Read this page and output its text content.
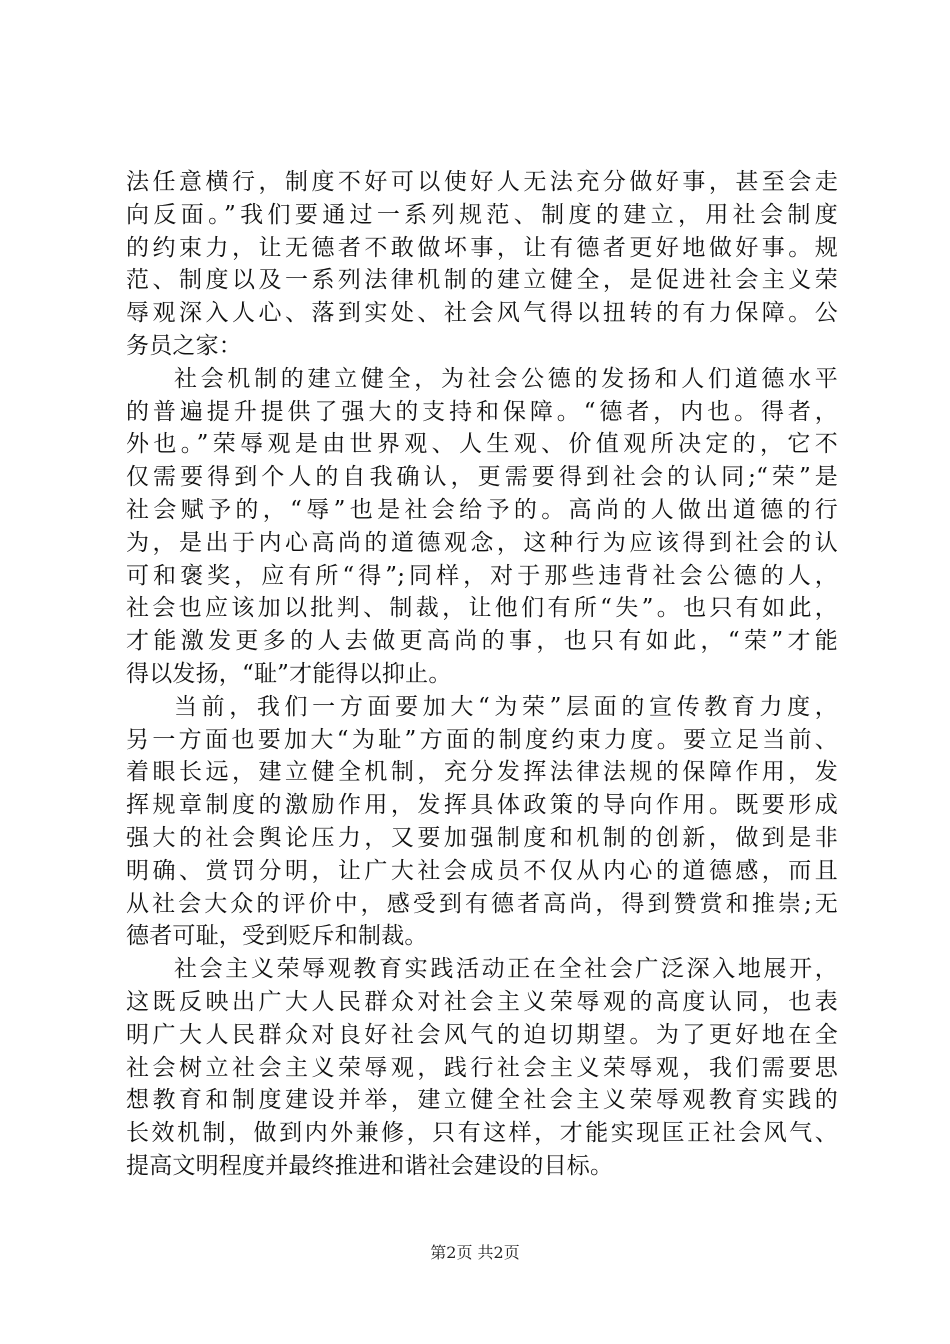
法任意横行，制度不好可以使好人无法充分做好事，甚至会走
向反面。”我们要通过一系列规范、制度的建立，用社会制度
的约束力，让无德者不敢做坏事，让有德者更好地做好事。规
范、制度以及一系列法律机制的建立健全，是促进社会主义荣
辱观深入人心、落到实处、社会风气得以扭转的有力保障。公
务员之家：
社会机制的建立健全，为社会公德的发扬和人们道德水平
的普遍提升提供了强大的支持和保障。“德者，内也。得者，
外也。”荣辱观是由世界观、人生观、价值观所决定的，它不
仅需要得到个人的自我确认，更需要得到社会的认同;“荣”是
社会赋予的，“辱”也是社会给予的。高尚的人做出道德的行
为，是出于内心高尚的道德观念，这种行为应该得到社会的认
可和褒奖，应有所“得”;同样，对于那些违背社会公德的人，
社会也应该加以批判、制裁，让他们有所“失”。也只有如此，
才能激发更多的人去做更高尚的事，也只有如此，“荣”才能
得以发扬，“耻”才能得以抑止。
当前，我们一方面要加大“为荣”层面的宣传教育力度，
另一方面也要加大“为耻”方面的制度约束力度。要立足当前、
着眼长远，建立健全机制，充分发挥法律法规的保障作用，发
挥规章制度的激励作用，发挥具体政策的导向作用。既要形成
强大的社会舆论压力，又要加强制度和机制的创新，做到是非
明确、赏罚分明，让广大社会成员不仅从内心的道德感，而且
从社会大众的评价中，感受到有德者高尚，得到赞赏和推崇;无
德者可耻，受到贬斥和制裁。
社会主义荣辱观教育实践活动正在全社会广泛深入地展开，
这既反映出广大人民群众对社会主义荣辱观的高度认同，也表
明广大人民群众对良好社会风气的迫切期望。为了更好地在全
社会树立社会主义荣辱观，践行社会主义荣辱观，我们需要思
想教育和制度建设并举，建立健全社会主义荣辱观教育实践的
长效机制，做到内外兼修，只有这样，才能实现匡正社会风气、
提高文明程度并最终推进和谐社会建设的目标。
第2页 共2页
